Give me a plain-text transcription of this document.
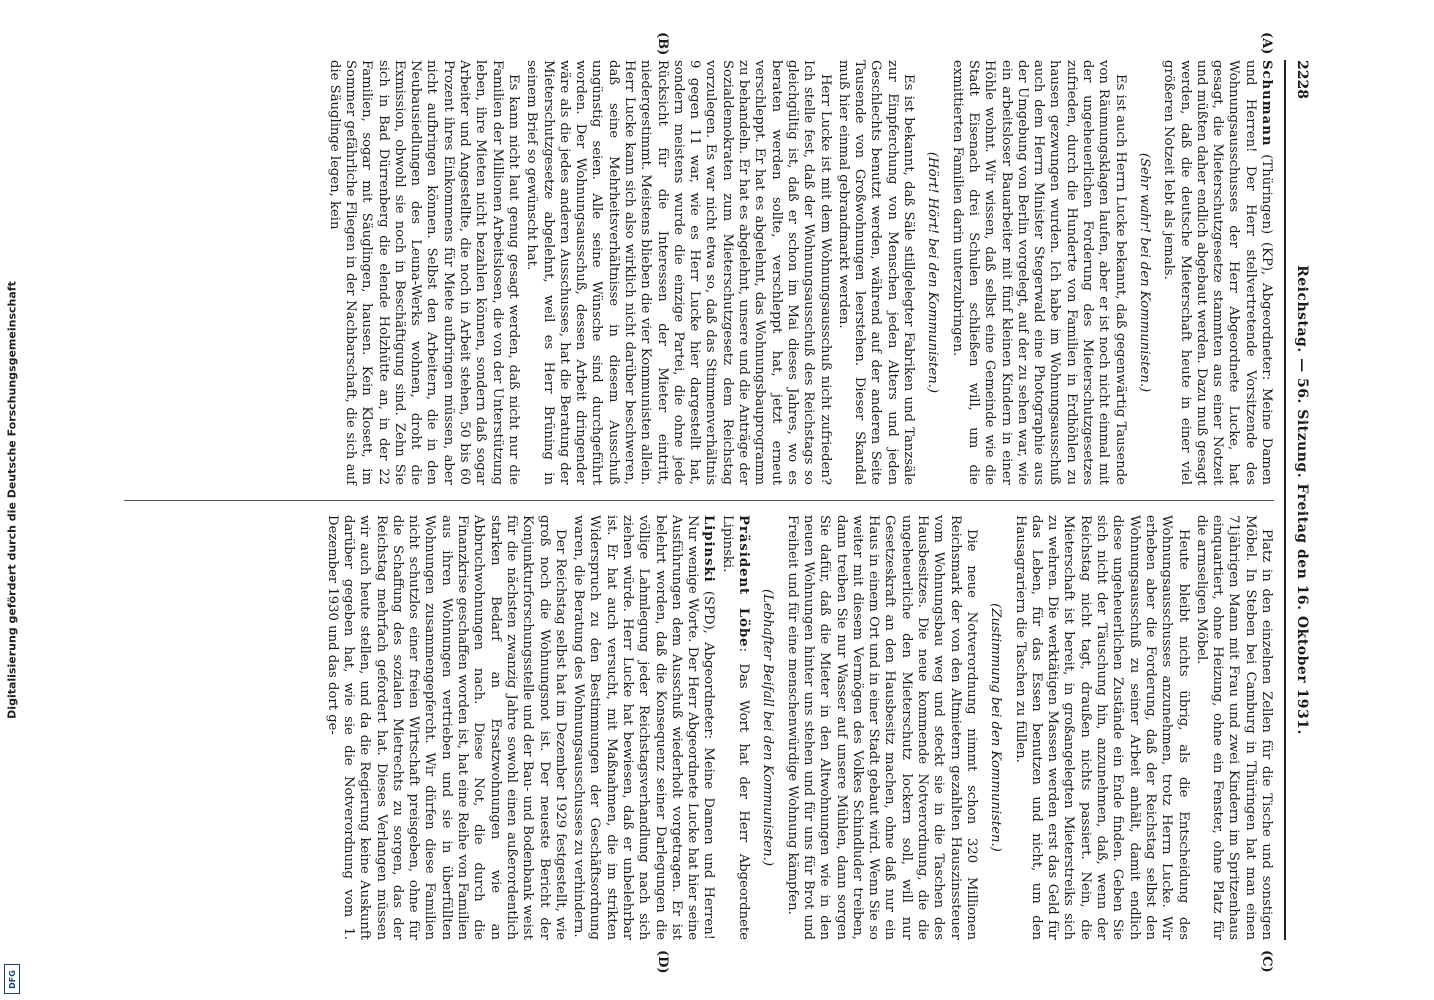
Digitalisierung gefördert durch die Deutsche Forschungsgemeinschaft
DFG
2228
Reichstag. — 56. Sitzung. Freitag den 16. Oktober 1931.
(A)
(B)
(C)
(D)

Schumann (Thüringen) (KP), Abgeordneter: Meine Damen und Herren! Der Herr stellvertretende Vorsitzende des Wohnungsausschusses der Herr Abgeordnete Lucke, hat gesagt, die Mieterschutzgesetze stammten aus einer Notzeit und müßten daher endlich abgebaut werden. Dazu muß gesagt werden, daß die deutsche Mieterschaft heute in einer viel größeren Notzeit lebt als jemals.

(Sehr wahr! bei den Kommunisten.)

Es ist auch Herrn Lucke bekannt, daß gegenwärtig Tausende von Räumungsklagen laufen, aber er ist noch nicht einmal mit der ungeheuerlichen Forderung des Mieterschutzgesetzes zufrieden, durch die Hunderte von Familien in Erdhöhlen zu hausen gezwungen wurden. Ich habe im Wohnungsausschuß auch dem Herrn Minister Stegerwald eine Photographie aus der Umgebung von Berlin vorgelegt, auf der zu sehen war, wie ein arbeitsloser Bauarbeiter mit fünf kleinen Kindern in einer Höhle wohnt. Wir wissen, daß selbst eine Gemeinde wie die Stadt Eisenach drei Schulen schließen will, um die exmittierten Familien darin unterzubringen.

(Hört! Hört! bei den Kommunisten.)

Es ist bekannt, daß Säle stillgelegter Fabriken und Tanzsäle zur Einpferchung von Menschen jeden Alters und jeden Geschlechts benutzt werden, während auf der anderen Seite Tausende von Großwohnungen leerstehen. Dieser Skandal muß hier einmal gebrandmarkt werden.

Herr Lucke ist mit dem Wohnungsausschuß nicht zufrieden? Ich stelle fest, daß der Wohnungsausschuß des Reichstags so gleichgültig ist, daß er schon im Mai dieses Jahres, wo es beraten werden sollte, verschleppt hat, jetzt erneut verschleppt. Er hat es abgelehnt, das Wohnungsbauprogramm zu behandeln. Er hat es abgelehnt, unsere und die Anträge der Sozialdemokraten zum Mieterschutzgesetz dem Reichstag vorzulegen. Es war nicht etwa so, daß das Stimmenverhältnis 9 gegen 11 war, wie es Herr Lucke hier dargestellt hat, sondern meistens wurde die einzige Partei, die ohne jede Rücksicht für die Interessen der Mieter eintritt, niedergestimmt. Meistens blieben die vier Kommunisten allein. Herr Lucke kann sich also wirklich nicht darüber beschweren, daß seine Mehrheitsverhältnisse in diesem Ausschuß ungünstig seien. Alle seine Wünsche sind durchgeführt worden. Der Wohnungsausschuß, dessen Arbeit dringender wäre als die jedes anderen Ausschusses, hat die Beratung der Mieterschutzgesetze abgelehnt, weil es Herr Brüning in seinem Brief so gewünscht hat.

Es kann nicht laut genug gesagt werden, daß nicht nur die Familien der Millionen Arbeitslosen, die von der Unterstützung leben, ihre Mieten nicht bezahlen können, sondern daß sogar Arbeiter und Angestellte, die noch in Arbeit stehen, 50 bis 60 Prozent ihres Einkommens für Miete aufbringen müssen, aber nicht aufbringen können. Selbst den Arbeitern, die in den Neubausiedlungen des Leuna-Werks wohnen, droht die Exmission, obwohl sie noch in Beschäftigung sind. Zehn Sie sich in Bad Dürrenberg die elende Holzhütte an, in der 22 Familien, sogar mit Säuglingen, hausen. Kein Klosett, im Sommer gefährliche Fliegen in der Nachbarschaft, die sich auf die Säuglinge legen, kein

Platz in den einzelnen Zellen für die Tische und sonstigen Möbel. In Steben bei Camburg in Thüringen hat man einen 71jährigen Mann mit Frau und zwei Kindern im Spritzenhaus einquartiert, ohne Heizung, ohne ein Fenster, ohne Platz für die armseligen Möbel.

Heute bleibt nichts übrig, als die Entscheidung des Wohnungsausschusses anzunehmen, trotz Herrn Lucke. Wir erheben aber die Forderung, daß der Reichstag selbst den Wohnungsausschuß zu seiner Arbeit anhält, damit endlich diese ungeheuerlichen Zustände ein Ende finden. Geben Sie sich nicht der Täuschung hin, anzunehmen, daß, wenn der Reichstag nicht tagt, draußen nichts passiert. Nein, die Mieterschaft ist bereit, in großangelegten Mieterstreiks sich zu wehren. Die werktätigen Massen werden erst das Geld für das Leben, für das Essen benutzen und nicht, um den Hausagrariern die Taschen zu füllen.

(Zustimmung bei den Kommunisten.)

Die neue Notverordnung nimmt schon 320 Millionen Reichsmark der von den Altmietern gezahlten Hauszinssteuer vom Wohnungsbau weg und steckt sie in die Taschen des Hausbesitzes. Die neue kommende Notverordnung, die die ungeheuerliche den Mieterschutz lockern soll, will nur Gesetzeskraft an den Hausbesitz machen, ohne daß nur ein Haus in einem Ort und in einer Stadt gebaut wird. Wenn Sie so weiter mit diesem Vermögen des Volkes Schindluder treiben, dann treiben Sie nur Wasser auf unsere Mühlen, dann sorgen Sie dafür, daß die Mieter in den Altwohnungen wie in den neuen Wohnungen hinter uns stehen und für uns für Brot und Freiheit und für eine menschenwürdige Wohnung kämpfen.

(Lebhafter Beifall bei den Kommunisten.)

Präsident Löbe: Das Wort hat der Herr Abgeordnete Lipinski.

Lipinski (SPD), Abgeordneter: Meine Damen und Herren! Nur wenige Worte. Der Herr Abgeordnete Lucke hat hier seine Ausführungen dem Ausschuß wiederholt vorgetragen. Er ist belehrt worden, daß die Konsequenz seiner Darlegungen die völlige Lahmlegung jeder Reichstagsverhandlung nach sich ziehen würde. Herr Lucke hat bewiesen, daß er unbelehrbar ist. Er hat auch versucht, mit Maßnahmen, die im strikten Widerspruch zu den Bestimmungen der Geschäftsordnung waren, die Beratung des Wohnungsausschusses zu verhindern.

Der Reichstag selbst hat im Dezember 1929 festgestellt, wie groß noch die Wohnungsnot ist. Der neueste Bericht der Konjunkturforschungsstelle und der Bau- und Bodenbank weist für die nächsten zwanzig Jahre sowohl einen außerordentlich starken Bedarf an Ersatzwohnungen wie an Abbruchwohnungen nach. Diese Not, die durch die Finanzkrise geschaffen worden ist, hat eine Reihe von Familien aus ihren Wohnungen vertrieben und sie in überfüllten Wohnungen zusammengepfercht. Wir dürfen diese Familien nicht schutzlos einer freien Wirtschaft preisgeben, ohne für die Schaffung des sozialen Mietrechts zu sorgen, das der Reichstag mehrfach gefordert hat. Dieses Verlangen müssen wir auch heute stellen, und da die Regierung keine Auskunft darüber gegeben hat, wie sie die Notverordnung vom 1. Dezember 1930 und das dort ge-
